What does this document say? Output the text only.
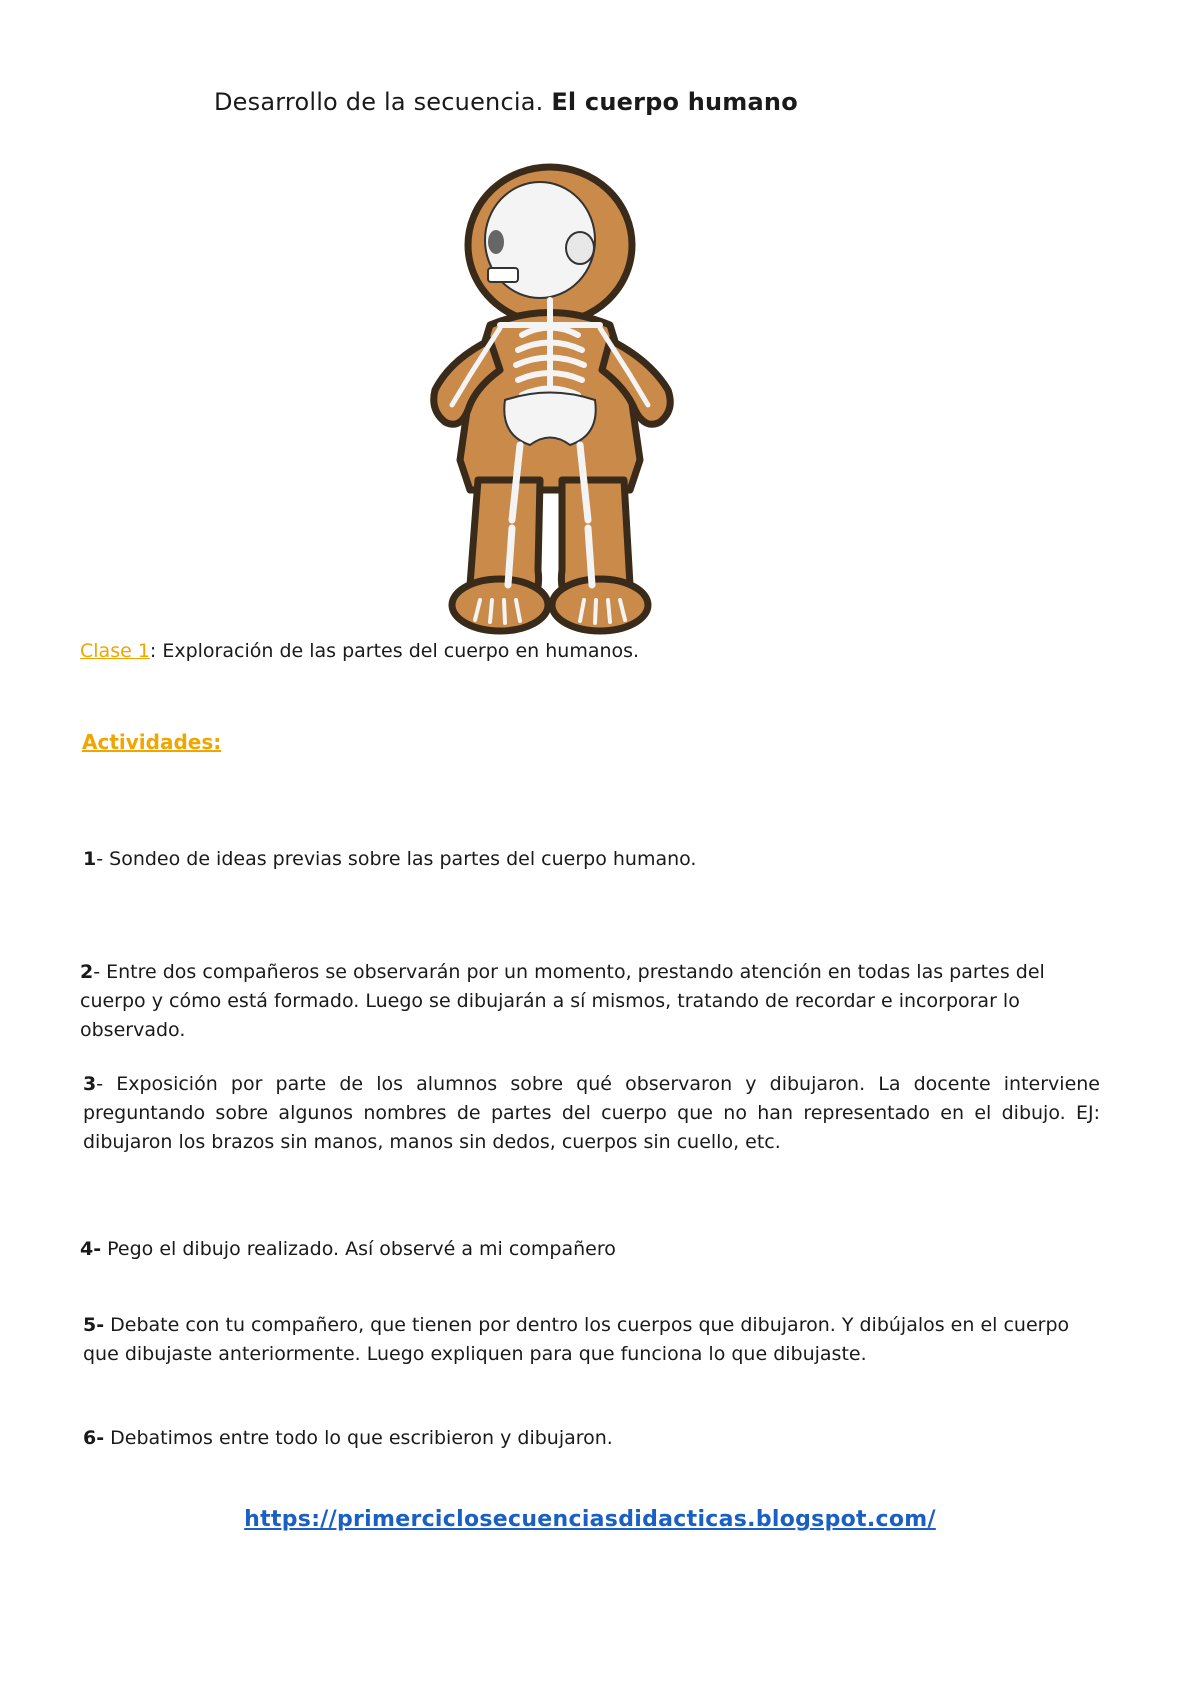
Desarrollo de la secuencia. El cuerpo humano
Clase 1: Exploración de las partes del cuerpo en humanos.
Actividades:
1- Sondeo de ideas previas sobre las partes del cuerpo humano.
2- Entre dos compañeros se observarán por un momento, prestando atención en todas las partes del cuerpo y cómo está formado. Luego se dibujarán a sí mismos, tratando de recordar e incorporar lo observado.
3- Exposición por parte de los alumnos sobre qué observaron y dibujaron. La docente interviene preguntando sobre algunos nombres de partes del cuerpo que no han representado en el dibujo. EJ: dibujaron los brazos sin manos, manos sin dedos, cuerpos sin cuello, etc.
4- Pego el dibujo realizado. Así observé a mi compañero
5- Debate con tu compañero, que tienen por dentro los cuerpos que dibujaron. Y dibújalos en el cuerpo que dibujaste anteriormente. Luego expliquen para que funciona lo que dibujaste.
6- Debatimos entre todo lo que escribieron y dibujaron.
https://primerciclosecuenciasdidacticas.blogspot.com/
